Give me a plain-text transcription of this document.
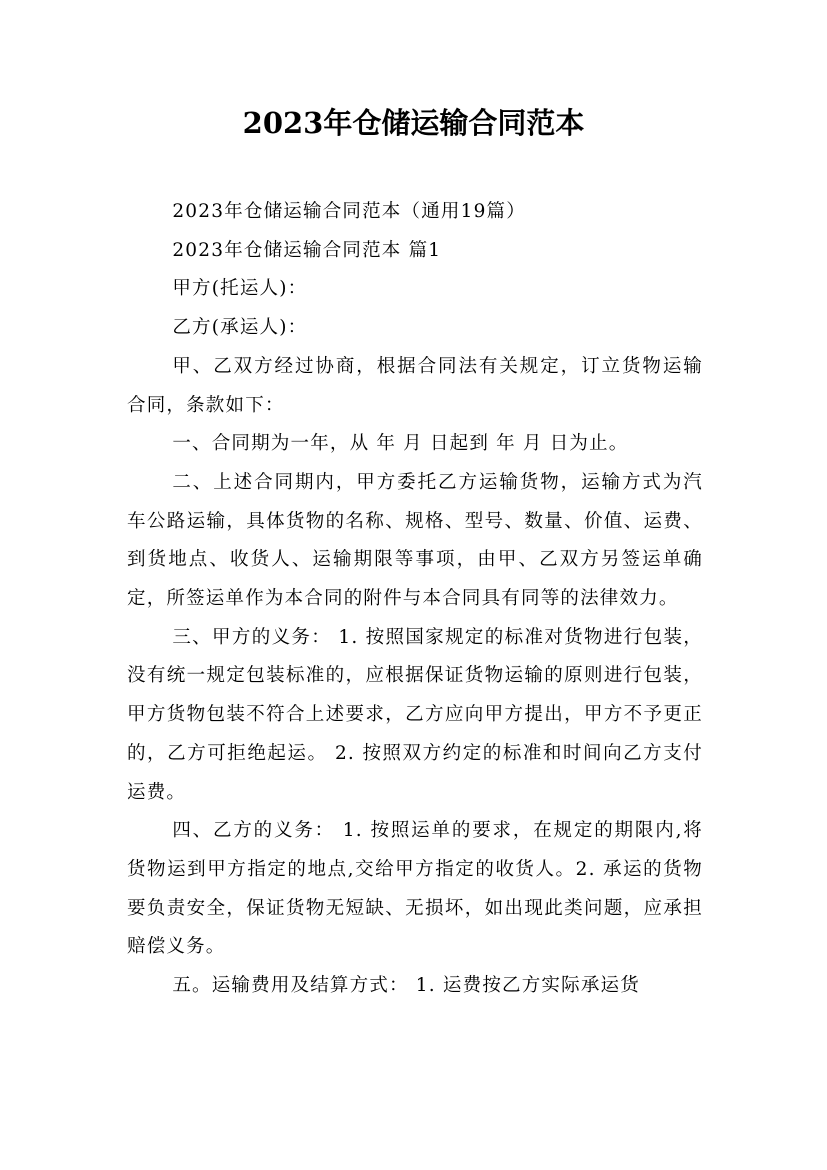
2023年仓储运输合同范本

2023年仓储运输合同范本（通用19篇）

2023年仓储运输合同范本 篇1

甲方(托运人)：

乙方(承运人)：

甲、乙双方经过协商，根据合同法有关规定，订立货物运输合同，条款如下：

一、合同期为一年，从 年 月 日起到 年 月 日为止。

二、上述合同期内，甲方委托乙方运输货物，运输方式为汽车公路运输，具体货物的名称、规格、型号、数量、价值、运费、到货地点、收货人、运输期限等事项，由甲、乙双方另签运单确定，所签运单作为本合同的附件与本合同具有同等的法律效力。

三、甲方的义务： 1. 按照国家规定的标准对货物进行包装，没有统一规定包装标准的，应根据保证货物运输的原则进行包装，甲方货物包装不符合上述要求，乙方应向甲方提出，甲方不予更正的，乙方可拒绝起运。 2. 按照双方约定的标准和时间向乙方支付运费。

四、乙方的义务： 1. 按照运单的要求，在规定的期限内,将货物运到甲方指定的地点,交给甲方指定的收货人。2. 承运的货物要负责安全，保证货物无短缺、无损坏，如出现此类问题，应承担赔偿义务。

五。运输费用及结算方式： 1. 运费按乙方实际承运货
